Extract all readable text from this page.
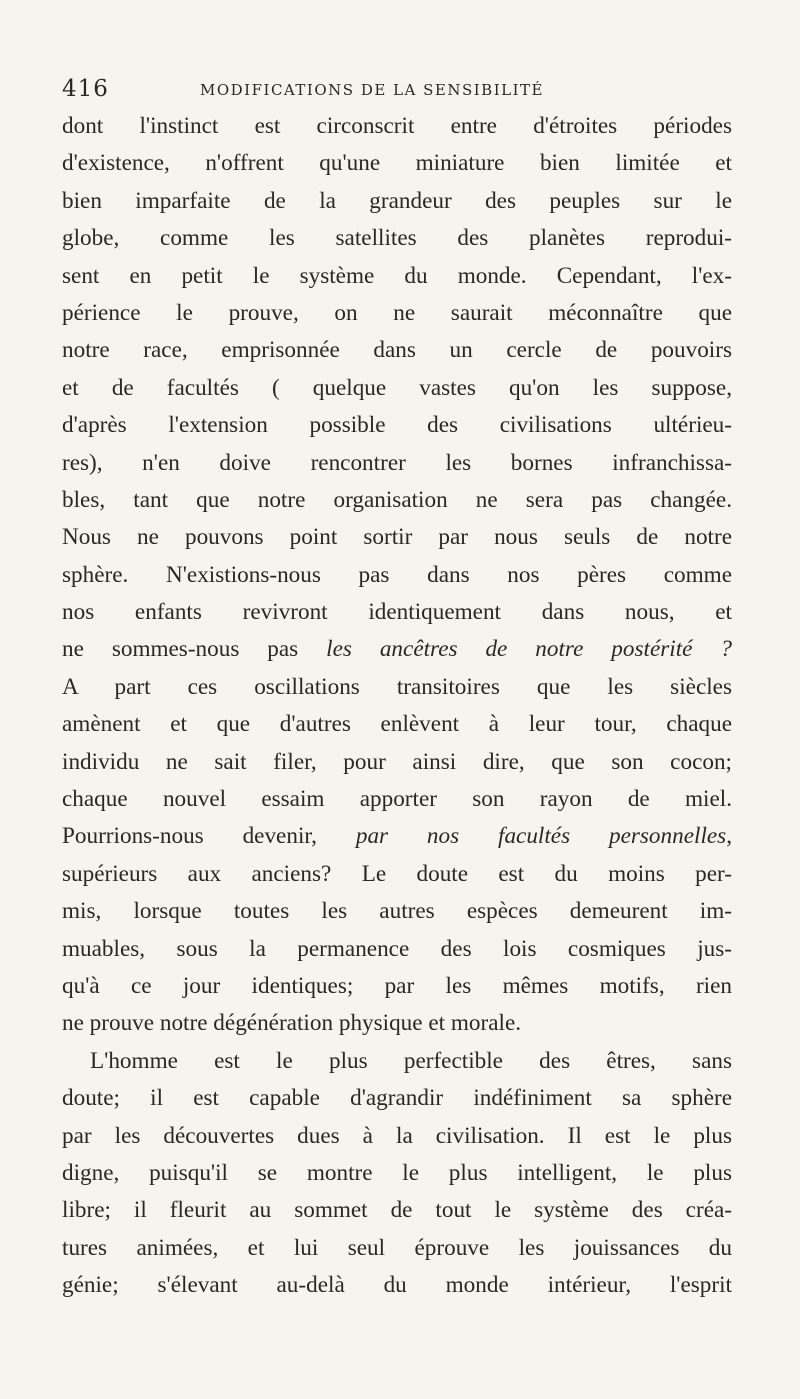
416	MODIFICATIONS DE LA SENSIBILITÉ
dont l'instinct est circonscrit entre d'étroites périodes
d'existence, n'offrent qu'une miniature bien limitée et
bien imparfaite de la grandeur des peuples sur le
globe, comme les satellites des planètes reprodui-
sent en petit le système du monde. Cependant, l'ex-
périence le prouve, on ne saurait méconnaître que
notre race, emprisonnée dans un cercle de pouvoirs
et de facultés ( quelque vastes qu'on les suppose,
d'après l'extension possible des civilisations ultérieu-
res), n'en doive rencontrer les bornes infranchissa-
bles, tant que notre organisation ne sera pas changée.
Nous ne pouvons point sortir par nous seuls de notre
sphère. N'existions-nous pas dans nos pères comme
nos enfants revivront identiquement dans nous, et
ne sommes-nous pas les ancêtres de notre postérité ?
A part ces oscillations transitoires que les siècles
amènent et que d'autres enlèvent à leur tour, chaque
individu ne sait filer, pour ainsi dire, que son cocon;
chaque nouvel essaim apporter son rayon de miel.
Pourrions-nous devenir, par nos facultés personnelles,
supérieurs aux anciens? Le doute est du moins per-
mis, lorsque toutes les autres espèces demeurent im-
muables, sous la permanence des lois cosmiques jus-
qu'à ce jour identiques; par les mêmes motifs, rien
ne prouve notre dégénération physique et morale.
L'homme est le plus perfectible des êtres, sans
doute; il est capable d'agrandir indéfiniment sa sphère
par les découvertes dues à la civilisation. Il est le plus
digne, puisqu'il se montre le plus intelligent, le plus
libre; il fleurit au sommet de tout le système des créa-
tures animées, et lui seul éprouve les jouissances du
génie; s'élevant au-delà du monde intérieur, l'esprit
